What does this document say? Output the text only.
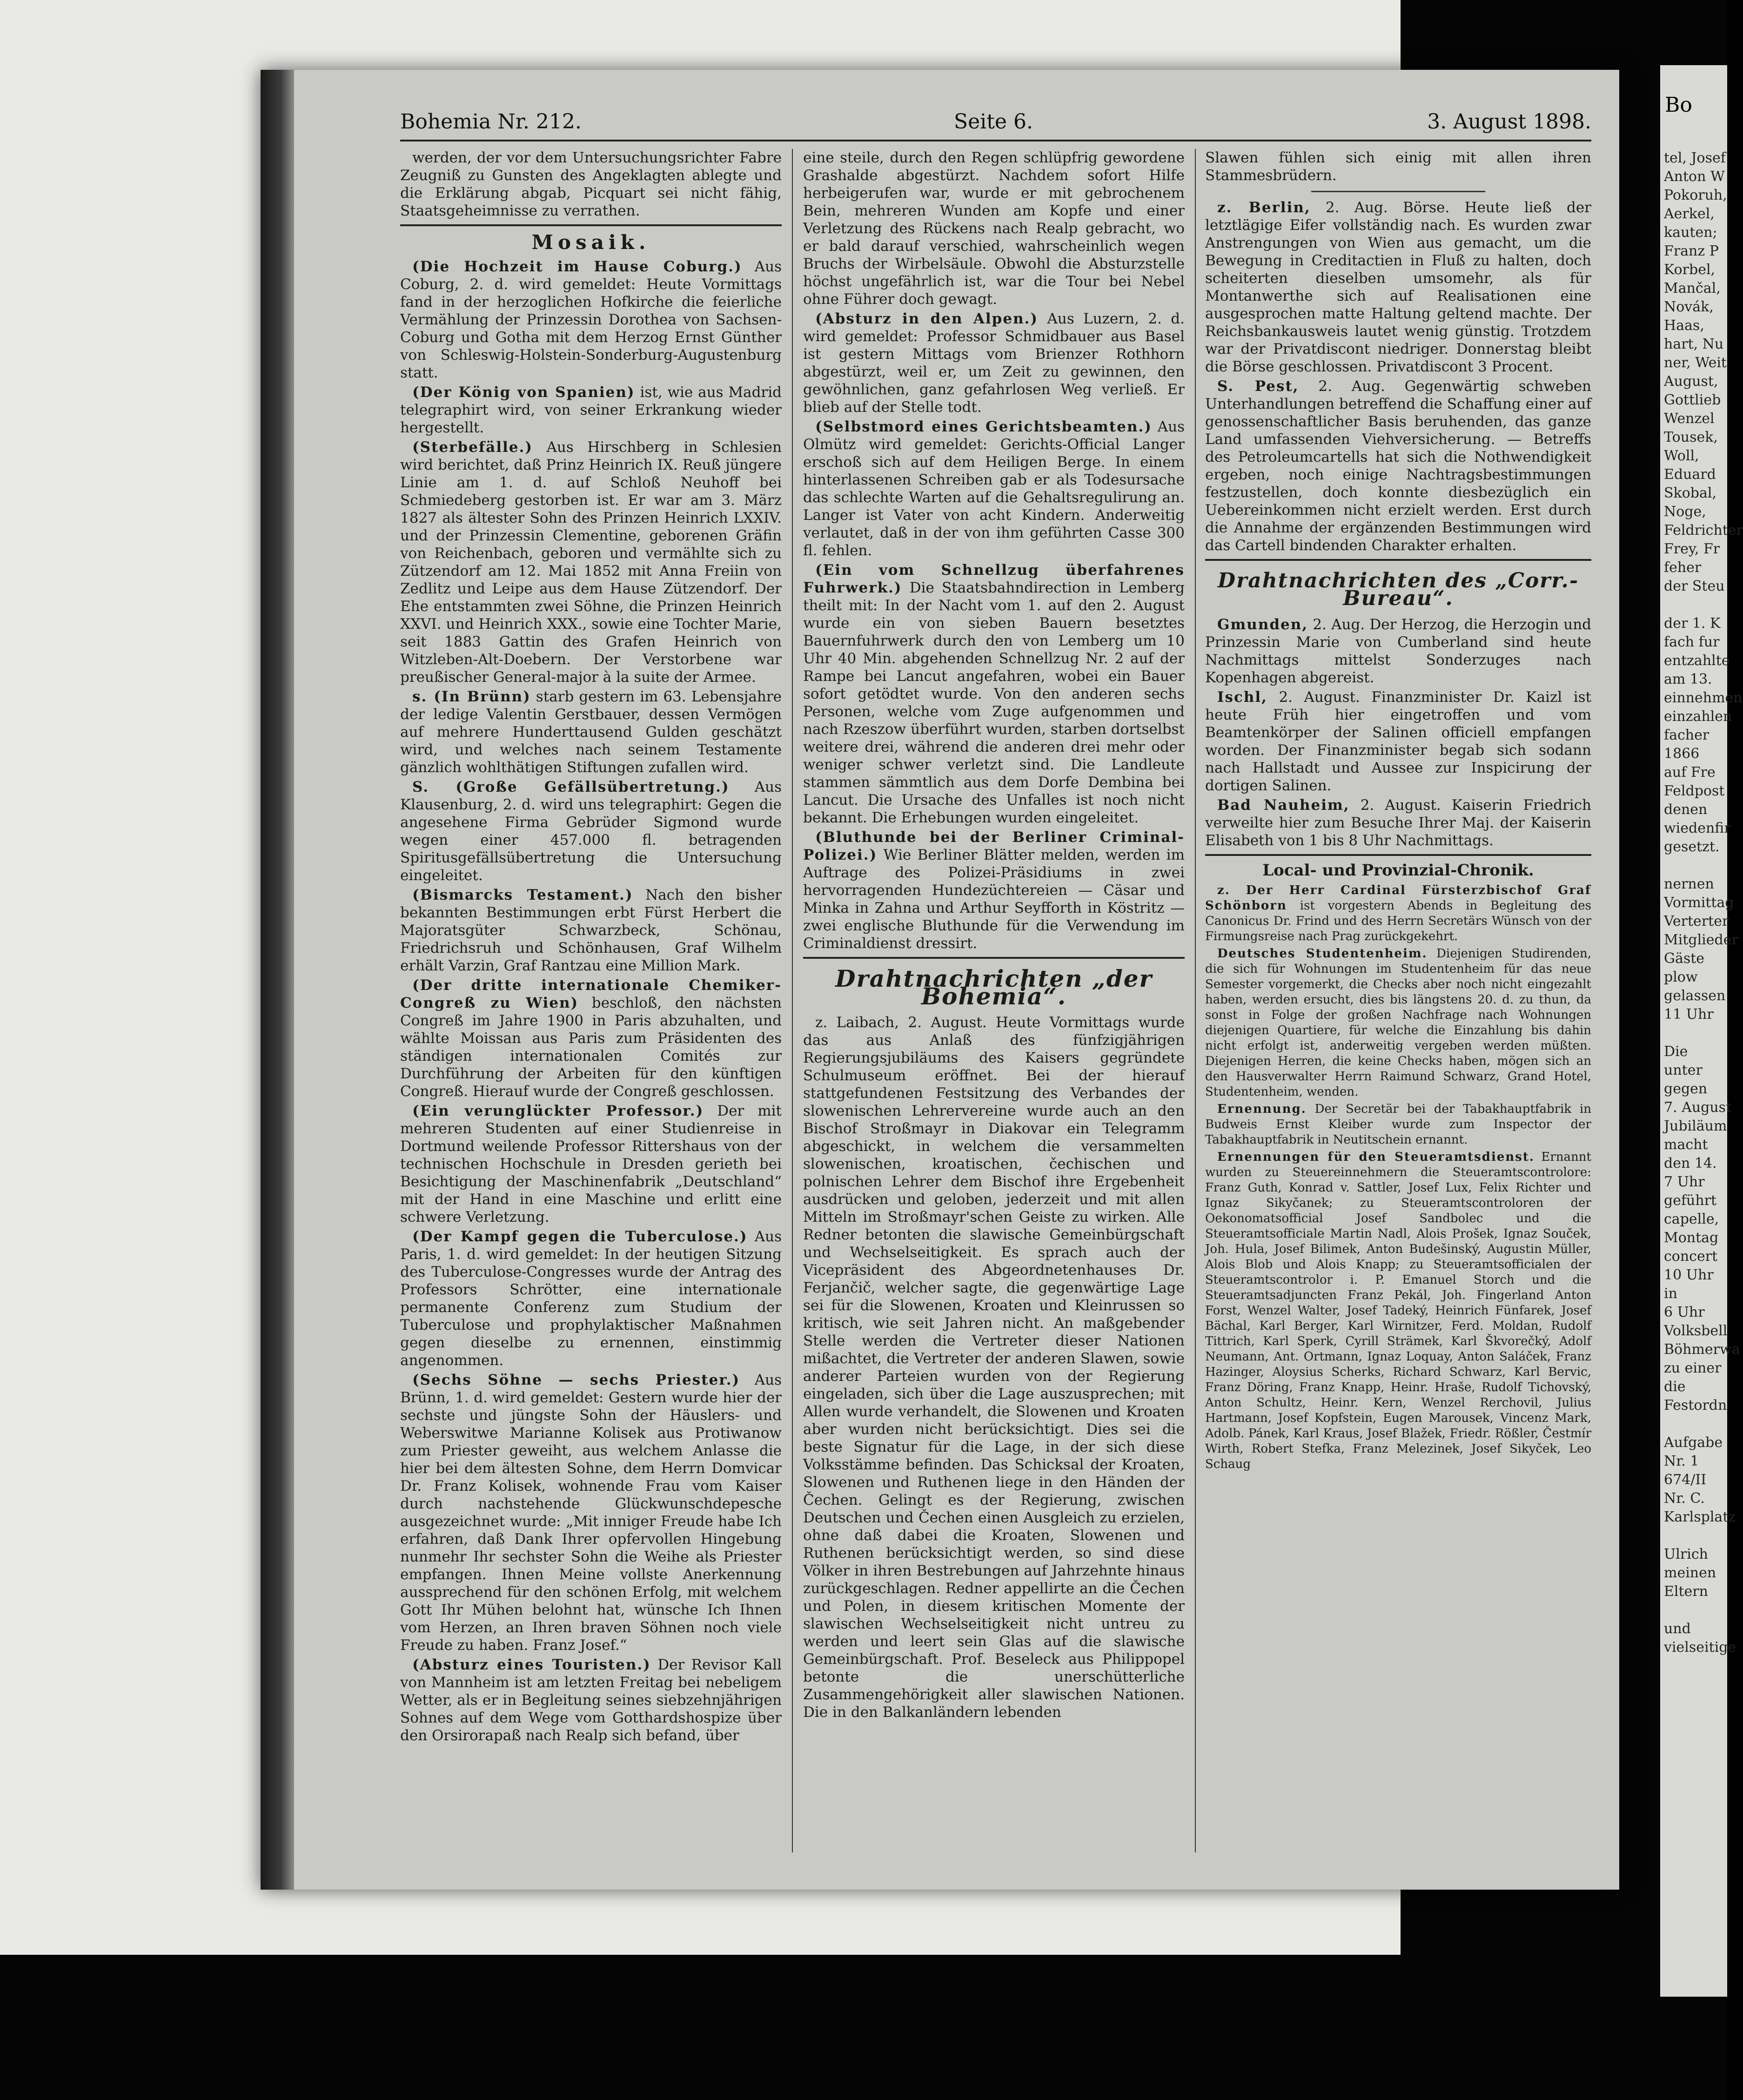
Bohemia Nr. 212.	Seite 6.	3. August 1898.

werden, der vor dem Untersuchungsrichter Fabre Zeugniß zu Gunsten des Angeklagten ablegte und die Erklärung abgab, Picquart sei nicht fähig, Staatsgeheimnisse zu verrathen.

Mosaik.

(Die Hochzeit im Hause Coburg.) Aus Coburg, 2. d. wird gemeldet: Heute Vormittags fand in der herzoglichen Hofkirche die feierliche Vermählung der Prinzessin Dorothea von Sachsen-Coburg und Gotha mit dem Herzog Ernst Günther von Schleswig-Holstein-Sonderburg-Augustenburg statt.

(Der König von Spanien) ist, wie aus Madrid telegraphirt wird, von seiner Erkrankung wieder hergestellt.

(Sterbefälle.) Aus Hirschberg in Schlesien wird berichtet, daß Prinz Heinrich IX. Reuß jüngere Linie am 1. d. auf Schloß Neuhoff bei Schmiedeberg gestorben ist. Er war am 3. März 1827 als ältester Sohn des Prinzen Heinrich LXXIV. und der Prinzessin Clementine, geborenen Gräfin von Reichenbach, geboren und vermählte sich zu Zützendorf am 12. Mai 1852 mit Anna Freiin von Zedlitz und Leipe aus dem Hause Zützendorf. Der Ehe entstammten zwei Söhne, die Prinzen Heinrich XXVI. und Heinrich XXX., sowie eine Tochter Marie, seit 1883 Gattin des Grafen Heinrich von Witzleben-Alt-Doebern. Der Verstorbene war preußischer General-major à la suite der Armee.

s. (In Brünn) starb gestern im 63. Lebensjahre der ledige Valentin Gerstbauer, dessen Vermögen auf mehrere Hunderttausend Gulden geschätzt wird, und welches nach seinem Testamente gänzlich wohlthätigen Stiftungen zufallen wird.

S. (Große Gefällsübertretung.) Aus Klausenburg, 2. d. wird uns telegraphirt: Gegen die angesehene Firma Gebrüder Sigmond wurde wegen einer 457.000 fl. betragenden Spiritusgefällsübertretung die Untersuchung eingeleitet.

(Bismarcks Testament.) Nach den bisher bekannten Bestimmungen erbt Fürst Herbert die Majoratsgüter Schwarzbeck, Schönau, Friedrichsruh und Schönhausen, Graf Wilhelm erhält Varzin, Graf Rantzau eine Million Mark.

(Der dritte internationale Chemiker-Congreß zu Wien) beschloß, den nächsten Congreß im Jahre 1900 in Paris abzuhalten, und wählte Moissan aus Paris zum Präsidenten des ständigen internationalen Comités zur Durchführung der Arbeiten für den künftigen Congreß. Hierauf wurde der Congreß geschlossen.

(Ein verunglückter Professor.) Der mit mehreren Studenten auf einer Studienreise in Dortmund weilende Professor Rittershaus von der technischen Hochschule in Dresden gerieth bei Besichtigung der Maschinenfabrik „Deutschland“ mit der Hand in eine Maschine und erlitt eine schwere Verletzung.

(Der Kampf gegen die Tuberculose.) Aus Paris, 1. d. wird gemeldet: In der heutigen Sitzung des Tuberculose-Congresses wurde der Antrag des Professors Schrötter, eine internationale permanente Conferenz zum Studium der Tuberculose und prophylaktischer Maßnahmen gegen dieselbe zu ernennen, einstimmig angenommen.

(Sechs Söhne — sechs Priester.) Aus Brünn, 1. d. wird gemeldet: Gestern wurde hier der sechste und jüngste Sohn der Häuslers- und Weberswitwe Marianne Kolisek aus Protiwanow zum Priester geweiht, aus welchem Anlasse die hier bei dem ältesten Sohne, dem Herrn Domvicar Dr. Franz Kolisek, wohnende Frau vom Kaiser durch nachstehende Glückwunschdepesche ausgezeichnet wurde: „Mit inniger Freude habe Ich erfahren, daß Dank Ihrer opfervollen Hingebung nunmehr Ihr sechster Sohn die Weihe als Priester empfangen. Ihnen Meine vollste Anerkennung aussprechend für den schönen Erfolg, mit welchem Gott Ihr Mühen belohnt hat, wünsche Ich Ihnen vom Herzen, an Ihren braven Söhnen noch viele Freude zu haben. Franz Josef.“

(Absturz eines Touristen.) Der Revisor Kall von Mannheim ist am letzten Freitag bei nebeligem Wetter, als er in Begleitung seines siebzehnjährigen Sohnes auf dem Wege vom Gotthardshospize über den Orsirorapaß nach Realp sich befand, über

eine steile, durch den Regen schlüpfrig gewordene Grashalde abgestürzt. Nachdem sofort Hilfe herbeigerufen war, wurde er mit gebrochenem Bein, mehreren Wunden am Kopfe und einer Verletzung des Rückens nach Realp gebracht, wo er bald darauf verschied, wahrscheinlich wegen Bruchs der Wirbelsäule. Obwohl die Absturzstelle höchst ungefährlich ist, war die Tour bei Nebel ohne Führer doch gewagt.

(Absturz in den Alpen.) Aus Luzern, 2. d. wird gemeldet: Professor Schmidbauer aus Basel ist gestern Mittags vom Brienzer Rothhorn abgestürzt, weil er, um Zeit zu gewinnen, den gewöhnlichen, ganz gefahrlosen Weg verließ. Er blieb auf der Stelle todt.

(Selbstmord eines Gerichtsbeamten.) Aus Olmütz wird gemeldet: Gerichts-Official Langer erschoß sich auf dem Heiligen Berge. In einem hinterlassenen Schreiben gab er als Todesursache das schlechte Warten auf die Gehaltsregulirung an. Langer ist Vater von acht Kindern. Anderweitig verlautet, daß in der von ihm geführten Casse 300 fl. fehlen.

(Ein vom Schnellzug überfahrenes Fuhrwerk.) Die Staatsbahndirection in Lemberg theilt mit: In der Nacht vom 1. auf den 2. August wurde ein von sieben Bauern besetztes Bauernfuhrwerk durch den von Lemberg um 10 Uhr 40 Min. abgehenden Schnellzug Nr. 2 auf der Rampe bei Lancut angefahren, wobei ein Bauer sofort getödtet wurde. Von den anderen sechs Personen, welche vom Zuge aufgenommen und nach Rzeszow überführt wurden, starben dortselbst weitere drei, während die anderen drei mehr oder weniger schwer verletzt sind. Die Landleute stammen sämmtlich aus dem Dorfe Dembina bei Lancut. Die Ursache des Unfalles ist noch nicht bekannt. Die Erhebungen wurden eingeleitet.

(Bluthunde bei der Berliner Criminal-Polizei.) Wie Berliner Blätter melden, werden im Auftrage des Polizei-Präsidiums in zwei hervorragenden Hundezüchtereien — Cäsar und Minka in Zahna und Arthur Seyfforth in Köstritz — zwei englische Bluthunde für die Verwendung im Criminaldienst dressirt.

Drahtnachrichten „der Bohemia“.

z. Laibach, 2. August. Heute Vormittags wurde das aus Anlaß des fünfzigjährigen Regierungsjubiläums des Kaisers gegründete Schulmuseum eröffnet. Bei der hierauf stattgefundenen Festsitzung des Verbandes der slowenischen Lehrervereine wurde auch an den Bischof Stroßmayr in Diakovar ein Telegramm abgeschickt, in welchem die versammelten slowenischen, kroatischen, čechischen und polnischen Lehrer dem Bischof ihre Ergebenheit ausdrücken und geloben, jederzeit und mit allen Mitteln im Stroßmayr'schen Geiste zu wirken. Alle Redner betonten die slawische Gemeinbürgschaft und Wechselseitigkeit. Es sprach auch der Vicepräsident des Abgeordnetenhauses Dr. Ferjančič, welcher sagte, die gegenwärtige Lage sei für die Slowenen, Kroaten und Kleinrussen so kritisch, wie seit Jahren nicht. An maßgebender Stelle werden die Vertreter dieser Nationen mißachtet, die Vertreter der anderen Slawen, sowie anderer Parteien wurden von der Regierung eingeladen, sich über die Lage auszusprechen; mit Allen wurde verhandelt, die Slowenen und Kroaten aber wurden nicht berücksichtigt. Dies sei die beste Signatur für die Lage, in der sich diese Volksstämme befinden. Das Schicksal der Kroaten, Slowenen und Ruthenen liege in den Händen der Čechen. Gelingt es der Regierung, zwischen Deutschen und Čechen einen Ausgleich zu erzielen, ohne daß dabei die Kroaten, Slowenen und Ruthenen berücksichtigt werden, so sind diese Völker in ihren Bestrebungen auf Jahrzehnte hinaus zurückgeschlagen. Redner appellirte an die Čechen und Polen, in diesem kritischen Momente der slawischen Wechselseitigkeit nicht untreu zu werden und leert sein Glas auf die slawische Gemeinbürgschaft. Prof. Beseleck aus Philippopel betonte die unerschütterliche Zusammengehörigkeit aller slawischen Nationen. Die in den Balkanländern lebenden

Slawen fühlen sich einig mit allen ihren Stammesbrüdern.

z. Berlin, 2. Aug. Börse. Heute ließ der letztlägige Eifer vollständig nach. Es wurden zwar Anstrengungen von Wien aus gemacht, um die Bewegung in Creditactien in Fluß zu halten, doch scheiterten dieselben umsomehr, als für Montanwerthe sich auf Realisationen eine ausgesprochen matte Haltung geltend machte. Der Reichsbankausweis lautet wenig günstig. Trotzdem war der Privatdiscont niedriger. Donnerstag bleibt die Börse geschlossen. Privatdiscont 3 Procent.

S. Pest, 2. Aug. Gegenwärtig schweben Unterhandlungen betreffend die Schaffung einer auf genossenschaftlicher Basis beruhenden, das ganze Land umfassenden Viehversicherung. — Betreffs des Petroleumcartells hat sich die Nothwendigkeit ergeben, noch einige Nachtragsbestimmungen festzustellen, doch konnte diesbezüglich ein Uebereinkommen nicht erzielt werden. Erst durch die Annahme der ergänzenden Bestimmungen wird das Cartell bindenden Charakter erhalten.

Drahtnachrichten des „Corr.-Bureau“.

Gmunden, 2. Aug. Der Herzog, die Herzogin und Prinzessin Marie von Cumberland sind heute Nachmittags mittelst Sonderzuges nach Kopenhagen abgereist.

Ischl, 2. August. Finanzminister Dr. Kaizl ist heute Früh hier eingetroffen und vom Beamtenkörper der Salinen officiell empfangen worden. Der Finanzminister begab sich sodann nach Hallstadt und Aussee zur Inspicirung der dortigen Salinen.

Bad Nauheim, 2. August. Kaiserin Friedrich verweilte hier zum Besuche Ihrer Maj. der Kaiserin Elisabeth von 1 bis 8 Uhr Nachmittags.

Local- und Provinzial-Chronik.

z. Der Herr Cardinal Fürsterzbischof Graf Schönborn ist vorgestern Abends in Begleitung des Canonicus Dr. Frind und des Herrn Secretärs Wünsch von der Firmungsreise nach Prag zurückgekehrt.

Deutsches Studentenheim. Diejenigen Studirenden, die sich für Wohnungen im Studentenheim für das neue Semester vorgemerkt, die Checks aber noch nicht eingezahlt haben, werden ersucht, dies bis längstens 20. d. zu thun, da sonst in Folge der großen Nachfrage nach Wohnungen diejenigen Quartiere, für welche die Einzahlung bis dahin nicht erfolgt ist, anderweitig vergeben werden müßten. Diejenigen Herren, die keine Checks haben, mögen sich an den Hausverwalter Herrn Raimund Schwarz, Grand Hotel, Studentenheim, wenden.

Ernennung. Der Secretär bei der Tabakhauptfabrik in Budweis Ernst Kleiber wurde zum Inspector der Tabakhauptfabrik in Neutitschein ernannt.

Ernennungen für den Steueramtsdienst. Ernannt wurden zu Steuereinnehmern die Steueramtscontrolore: Franz Guth, Konrad v. Sattler, Josef Lux, Felix Richter und Ignaz Sikyčanek; zu Steueramtscontroloren der Oekonomatsofficial Josef Sandbolec und die Steueramtsofficiale Martin Nadl, Alois Prošek, Ignaz Souček, Joh. Hula, Josef Bilimek, Anton Budešinský, Augustin Müller, Alois Blob und Alois Knapp; zu Steueramtsofficialen der Steueramtscontrolor i. P. Emanuel Storch und die Steueramtsadjuncten Franz Pekál, Joh. Fingerland Anton Forst, Wenzel Walter, Josef Tadeký, Heinrich Fünfarek, Josef Bächal, Karl Berger, Karl Wirnitzer, Ferd. Moldan, Rudolf Tittrich, Karl Sperk, Cyrill Strämek, Karl Škvorečký, Adolf Neumann, Ant. Ortmann, Ignaz Loquay, Anton Saláček, Franz Hazinger, Aloysius Scherks, Richard Schwarz, Karl Bervic, Franz Döring, Franz Knapp, Heinr. Hraše, Rudolf Tichovský, Anton Schultz, Heinr. Kern, Wenzel Rerchovil, Julius Hartmann, Josef Kopfstein, Eugen Marousek, Vincenz Mark, Adolb. Pánek, Karl Kraus, Josef Blažek, Friedr. Rößler, Čestmír Wirth, Robert Stefka, Franz Melezinek, Josef Sikyček, Leo Schaug

Bo
tel, Josef
Anton W
Pokoruh,
Aerkel,
kauten;
Franz P
Korbel,
Mančal,
Novák,
Haas,
hart, Nu
ner, Weit
August,
Gottlieb
Wenzel
Tousek,
Woll,
Eduard
Skobal,
Noge,
Feldrichter
Frey, Fr
feher
der Steu

der 1. K
fach fur
entzahlte
am 13.
einnehmen
einzahlen
facher
1866
auf Fre
Feldpost
denen
wiedenfir
gesetzt.

nernen
Vormittag
Verterter
Mitglieder
Gäste
plow
gelassen
11 Uhr

Die
unter
gegen
7. August
Jubiläum
macht
den 14.
7 Uhr
geführt
capelle,
Montag
concert
10 Uhr
in
6 Uhr
Volksbell
Böhmerwa
zu einer
die
Festordn

Aufgabe
Nr. 1
674/II
Nr. C.
Karlsplatz

Ulrich
meinen
Eltern

und
vielseitige
